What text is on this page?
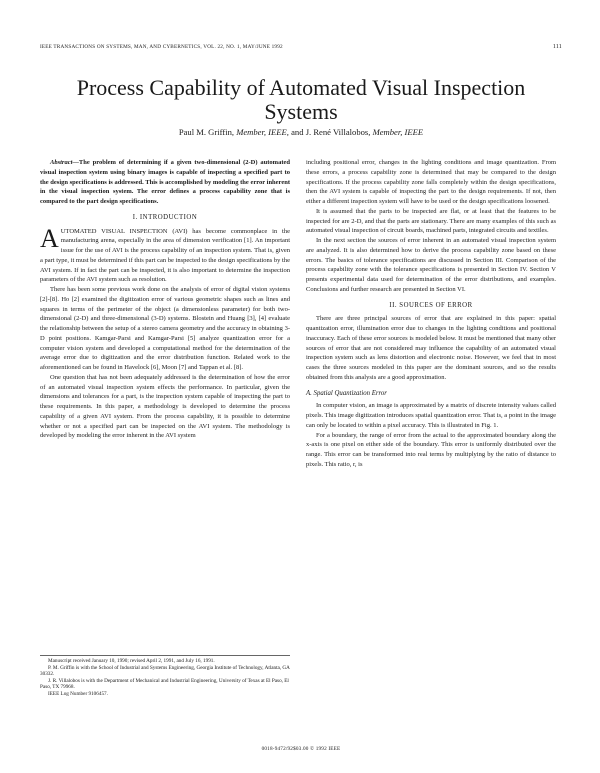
IEEE TRANSACTIONS ON SYSTEMS, MAN, AND CYBERNETICS, VOL. 22, NO. 1, MAY/JUNE 1992	111
Process Capability of Automated Visual Inspection Systems
Paul M. Griffin, Member, IEEE, and J. René Villalobos, Member, IEEE

Abstract—The problem of determining if a given two-dimensional (2-D) automated visual inspection system using binary images is capable of inspecting a specified part to the design specifications is addressed. This is accomplished by modeling the error inherent in the visual inspection system. The error defines a process capability zone that is compared to the part design specifications.

I. INTRODUCTION

AUTOMATED VISUAL INSPECTION (AVI) has become commonplace in the manufacturing arena, especially in the area of dimension verification [1]. An important issue for the use of AVI is the process capability of an inspection system. That is, given a part type, it must be determined if this part can be inspected to the design specifications by the AVI system. If in fact the part can be inspected, it is also important to determine the inspection parameters of the AVI system such as resolution.

There has been some previous work done on the analysis of error of digital vision systems [2]-[8]. Ho [2] examined the digitization error of various geometric shapes such as lines and squares in terms of the perimeter of the object (a dimensionless parameter) for both two-dimensional (2-D) and three-dimensional (3-D) systems. Blostein and Huang [3], [4] evaluate the relationship between the setup of a stereo camera geometry and the accuracy in obtaining 3-D point positions. Kamgar-Parsi and Kamgar-Parsi [5] analyze quantization error for a computer vision system and developed a computational method for the determination of the average error due to digitization and the error distribution function. Related work to the aforementioned can be found in Havelock [6], Moon [7] and Tappan et al. [8].

One question that has not been adequately addressed is the determination of how the error of an automated visual inspection system effects the performance. In particular, given the dimensions and tolerances for a part, is the inspection system capable of inspecting the part to these requirements. In this paper, a methodology is developed to determine the process capability of a given AVI system. From the process capability, it is possible to determine whether or not a specified part can be inspected on the AVI system. The methodology is developed by modeling the error inherent in the AVI system

Manuscript received January 10, 1990; revised April 2, 1991, and July 16, 1991.
P. M. Griffin is with the School of Industrial and Systems Engineering, Georgia Institute of Technology, Atlanta, GA 30332.
J. R. Villalobos is with the Department of Mechanical and Industrial Engineering, University of Texas at El Paso, El Paso, TX 79968.
IEEE Log Number 9106457.

including positional error, changes in the lighting conditions and image quantization. From these errors, a process capability zone is determined that may be compared to the design specifications. If the process capability zone falls completely within the design specifications, then the AVI system is capable of inspecting the part to the design requirements. If not, then either a different inspection system will have to be used or the design specifications loosened.

It is assumed that the parts to be inspected are flat, or at least that the features to be inspected for are 2-D, and that the parts are stationary. There are many examples of this such as automated visual inspection of circuit boards, machined parts, integrated circuits and textiles.

In the next section the sources of error inherent in an automated visual inspection system are analyzed. It is also determined how to derive the process capability zone based on these errors. The basics of tolerance specifications are discussed in Section III. Comparison of the process capability zone with the tolerance specifications is presented in Section IV. Section V presents experimental data used for determination of the error distributions, and examples. Conclusions and further research are presented in Section VI.

II. SOURCES OF ERROR

There are three principal sources of error that are explained in this paper: spatial quantization error, illumination error due to changes in the lighting conditions and positional inaccuracy. Each of these error sources is modeled below. It must be mentioned that many other sources of error that are not considered may influence the capability of an automated visual inspection system such as lens distortion and electronic noise. However, we feel that in most cases the three sources modeled in this paper are the dominant sources, and so the results obtained from this analysis are a good approximation.

A. Spatial Quantization Error

In computer vision, an image is approximated by a matrix of discrete intensity values called pixels. This image digitization introduces spatial quantization error. That is, a point in the image can only be located to within a pixel accuracy. This is illustrated in Fig. 1.

For a boundary, the range of error from the actual to the approximated boundary along the x-axis is one pixel on either side of the boundary. This error is uniformly distributed over the range. This error can be transformed into real terms by multiplying by the ratio of distance to pixels. This ratio, r, is

0018-9472/92$03.00 © 1992 IEEE
